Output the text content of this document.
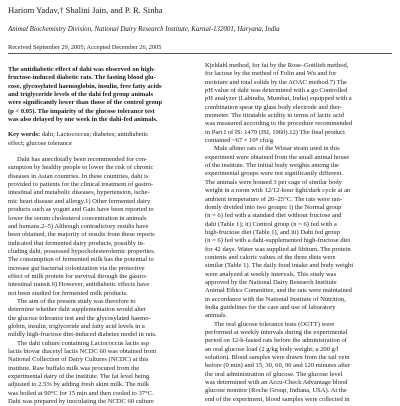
Hariom Yadav,† Shalini Jain, and P. R. Sinha
Animal Biochemistry Division, National Dairy Research Institute, Karnal-132001, Haryana, India
Received September 29, 2005; Accepted December 26, 2005

The antidiabetic effect of dahi was observed on high-

fructose-induced diabetic rats. The fasting blood glu-

cose, glycosylated haemoglobin, insulin, free fatty acids

and triglyceride levels of the dahi fed group animals

were significantly lower than those of the control group

(p < 0.05). The impairity of the glucose tolerance test

was also delayed by one week in the dahi-fed animals.

Key words: dahi; Lactococcus; diabetes; antidiabetic

effect; glucose tolerance

Dahi has anecdotally been recommended for con-

sumption by healthy people to lower the risk of chronic

diseases in Asian countries. In these countries, dahi is

provided to patients for the clinical treatment of gastro-

intestinal and metabolic diseases, hypertension, ische-

mic heart disease and allergy.1) Other fermented dairy

products such as yogurt and Gaio have been reported to

lower the serum cholesterol concentration in animals

and humans.2–5) Although contradictory results have

been obtained, the majority of results from these reports

indicated that fermented dairy products, possibly in-

cluding dahi, possessed hypocholesterolemic properties.

The consumption of fermented milk has the potential to

increase gut bacterial colonization via the protective

effect of milk protein for survival through the gastro-

intestinal transit.6) However, antidiabetic effects have

not been studied for fermented milk products.

The aim of the present study was therefore to

determine whether dahi supplementation would alter

the glucose tolerance test and the glycosylated haemo-

globin, insulin, triglyceride and fatty acid levels in a

mildly high-fructose diet-induced diabetes model in rats.

The dahi culture containing Lactococcus lactis ssp

lactis biovar diacetyl lactis NCDC 60 was obtained from

National Collection of Dairy Cultures (NCDC) at this

institute. Raw buffalo milk was procured from the

experimental dairy of the institute. The fat level being

adjusted to 2.5% by adding fresh skim milk. The milk

was boiled at 90°C for 15 min and then cooled to 37°C.

Dahi was prepared by inoculating the NCDC 60 culture

Kjeldahl method, for fat by the Rose–Gottlieb method,

for lactose by the method of Folin and Wu and for

moisture and total solids by the AOAC method.7) The

pH value of dahi was determined with a go Controlled

pH analyzer (Labindia, Mumbai, India) equipped with a

combination spear tip glass body electrode and ther-

mometer. The titratable acidity in terms of lactic acid

was measured according to the procedure recommended

in Part I of IS: 1479 (ISI, 1960).12) The final product

contained ~67 × 10⁸ cfu/g.

Male albino rats of the Wistar strain used in this

experiment were obtained from the small animal house

of the institute. The initial body weights among the

experimental groups were not significantly different.

The animals were housed 3 per cage of similar body

weight in a room with 12/12-hour light/dark cycle at an

ambient temperature of 20–25°C. The rats were ran-

domly divided into two groups: i) the Normal group

(n = 6) fed with a standard diet without fructose and

dahi (Table 1); ii) Control group (n = 6) fed with a

high-fructose diet (Table 1), and iii) Dahi fed group

(n = 6) fed with a dahi-supplemented high-fructose diet

for 42 days. Water was supplied ad libitum. The protein

contents and caloric values of the three diets were

similar (Table 1). The daily food intake and body weight

were analyzed at weekly intervals. This study was

approved by the National Dairy Research Institute

Animal Ethics Committee, and the rats were maintained

in accordance with the National Institute of Nutrition,

India guidelines for the care and use of laboratory

animals.

The oral glucose tolerance tests (OGTT) were

performed at weekly intervals during the experimental

period on 12-h-fasted rats before the administration of

an oral glucose load (2 g/kg body weight; a 200 g/l

solution). Blood samples were drawn from the tail vein

before (0 min) and 15, 30, 60, 90 and 120 minutes after

the oral administration of glucose. The glucose level

was determined with an Accu-Check Advantage blood

glucose monitor (Roche Group, Indiana, USA). At the

end of the experiment, blood samples were collected in
